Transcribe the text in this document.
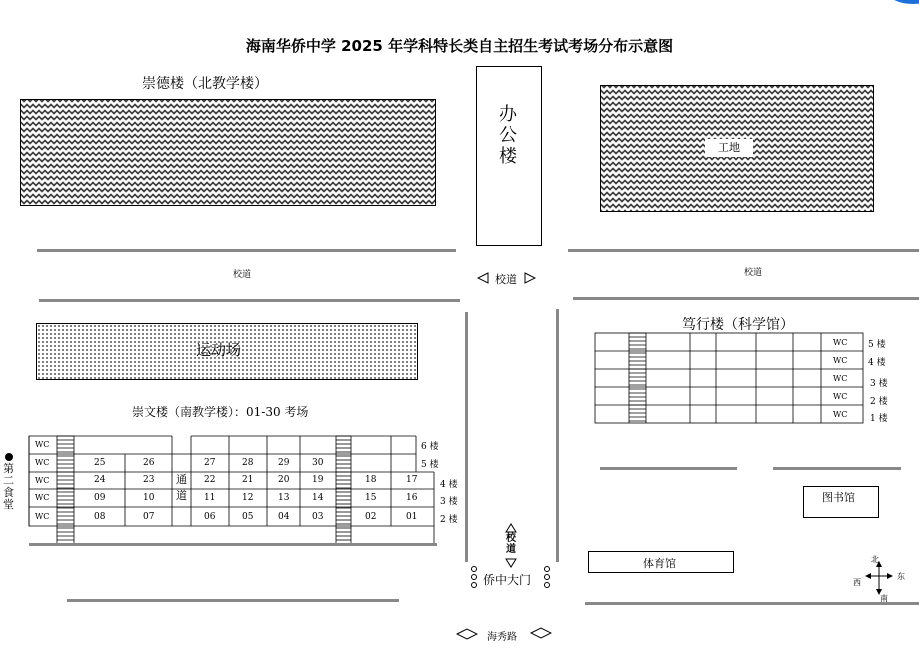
海南华侨中学 2025 年学科特长类自主招生考试考场分布示意图
崇德楼（北教学楼）
办公楼	工地
校道	校道
校道
运动场
崇文楼（南教学楼）：01-30 考场
第二食堂
WC
WC
WC
WC
WC
通道
25	26	27	28	29	30
24	23	22	21	20	19	18	17
09	10	11	12	13	14	15	16
08	07	06	05	04	03	02	01
6 楼
5 楼
4 楼
3 楼
2 楼
校道
侨中大门
海秀路
笃行楼（科学馆）
WC
WC
WC
WC
WC
5 楼
4 楼
3 楼
2 楼
1 楼
图书馆
体育馆	北
南
东
西
